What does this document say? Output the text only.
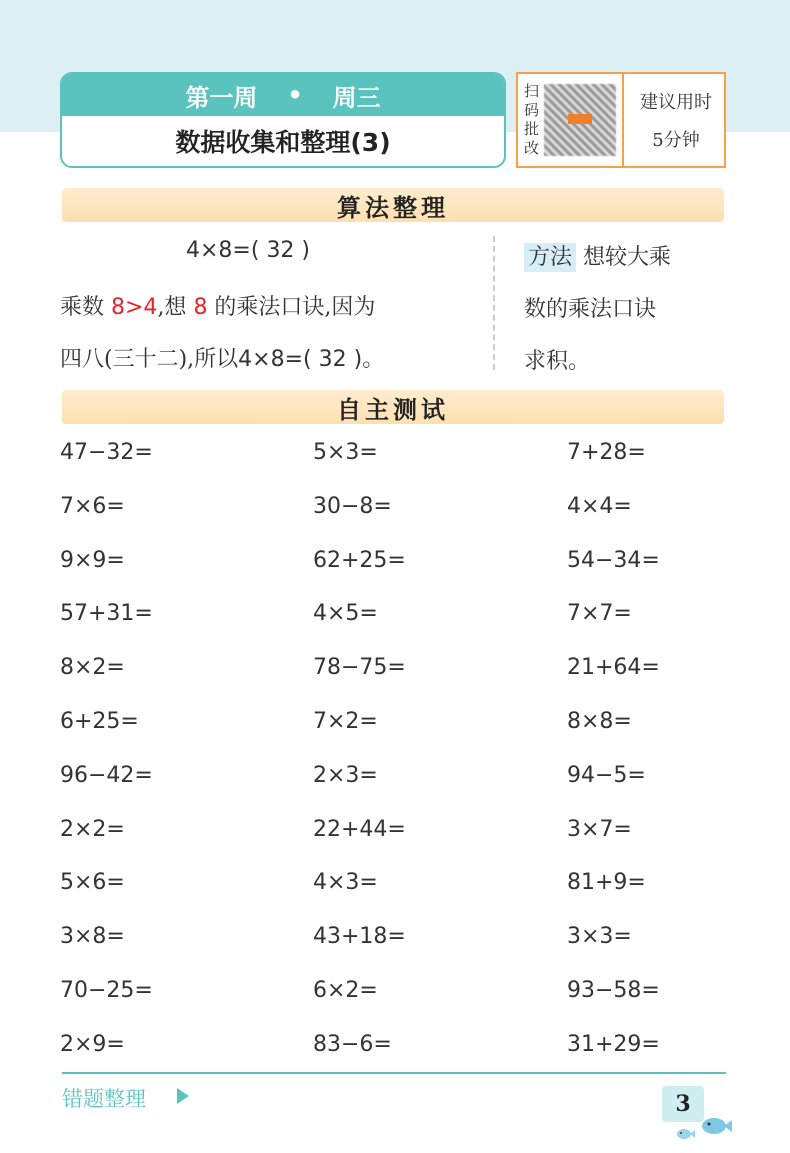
第一周 • 周三
数据收集和整理(3)
扫
码
批
改
建议用时
5分钟
算法整理
4×8=( 32 )
乘数 8>4,想 8 的乘法口诀,因为
四八(三十二),所以4×8=( 32 )。
方法 想较大乘
数的乘法口诀
求积。
自主测试
47−32=	5×3=	7+28=
7×6=	30−8=	4×4=
9×9=	62+25=	54−34=
57+31=	4×5=	7×7=
8×2=	78−75=	21+64=
6+25=	7×2=	8×8=
96−42=	2×3=	94−5=
2×2=	22+44=	3×7=
5×6=	4×3=	81+9=
3×8=	43+18=	3×3=
70−25=	6×2=	93−58=
2×9=	83−6=	31+29=
错题整理	3
